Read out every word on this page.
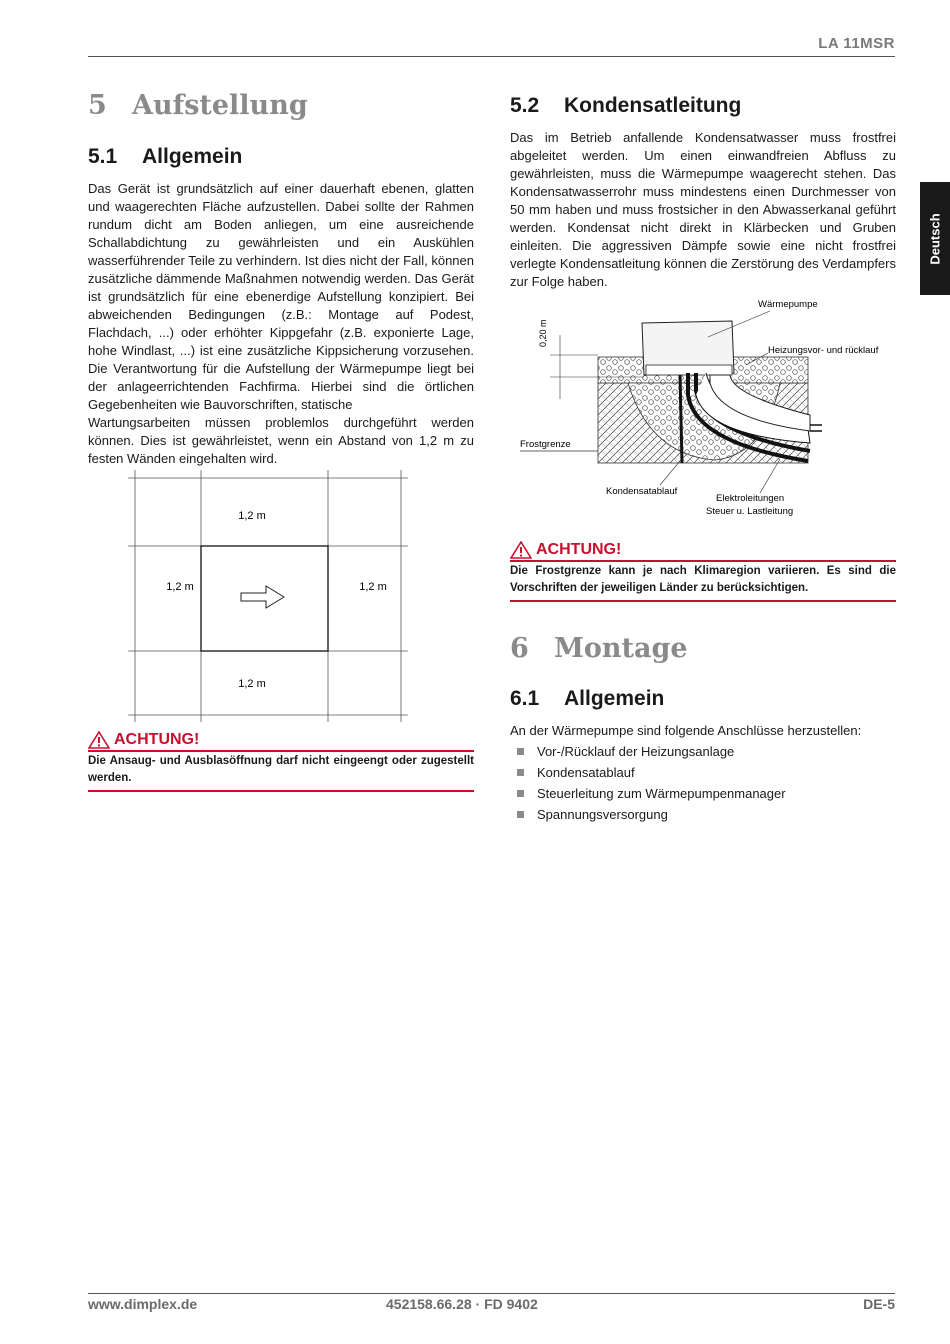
LA 11MSR
Deutsch
5 Aufstellung
5.1 Allgemein
Das Gerät ist grundsätzlich auf einer dauerhaft ebenen, glatten und waagerechten Fläche aufzustellen. Dabei sollte der Rahmen rundum dicht am Boden anliegen, um eine ausreichende Schallabdichtung zu gewährleisten und ein Auskühlen wasserführender Teile zu verhindern. Ist dies nicht der Fall, können zusätzliche dämmende Maßnahmen notwendig werden. Das Gerät ist grundsätzlich für eine ebenerdige Aufstellung konzipiert. Bei abweichenden Bedingungen (z.B.: Montage auf Podest, Flachdach, ...) oder erhöhter Kippgefahr (z.B. exponierte Lage, hohe Windlast, ...) ist eine zusätzliche Kippsicherung vorzusehen. Die Verantwortung für die Aufstellung der Wärmepumpe liegt bei der anlageerrichtenden Fachfirma. Hierbei sind die örtlichen Gegebenheiten wie Bauvorschriften, statische
Wartungsarbeiten müssen problemlos durchgeführt werden können. Dies ist gewährleistet, wenn ein Abstand von 1,2 m zu festen Wänden eingehalten wird.
1,2 m
1,2 m	1,2 m
1,2 m
ACHTUNG!
Die Ansaug- und Ausblasöffnung darf nicht eingeengt oder zugestellt werden.
5.2 Kondensatleitung
Das im Betrieb anfallende Kondensatwasser muss frostfrei abgeleitet werden. Um einen einwandfreien Abfluss zu gewährleisten, muss die Wärmepumpe waagerecht stehen. Das Kondensatwasserrohr muss mindestens einen Durchmesser von 50 mm haben und muss frostsicher in den Abwasserkanal geführt werden. Kondensat nicht direkt in Klärbecken und Gruben einleiten. Die aggressiven Dämpfe sowie eine nicht frostfrei verlegte Kondensatleitung können die Zerstörung des Verdampfers zur Folge haben.
0,20 m
Frostgrenze
Wärmepumpe
Heizungsvor- und rücklauf
Kondensatablauf
Elektroleitungen
Steuer u. Lastleitung
ACHTUNG!
Die Frostgrenze kann je nach Klimaregion variieren. Es sind die Vorschriften der jeweiligen Länder zu berücksichtigen.
6 Montage
6.1 Allgemein
An der Wärmepumpe sind folgende Anschlüsse herzustellen:
Vor-/Rücklauf der Heizungsanlage
Kondensatablauf
Steuerleitung zum Wärmepumpenmanager
Spannungsversorgung
www.dimplex.de	452158.66.28 · FD 9402	DE-5
